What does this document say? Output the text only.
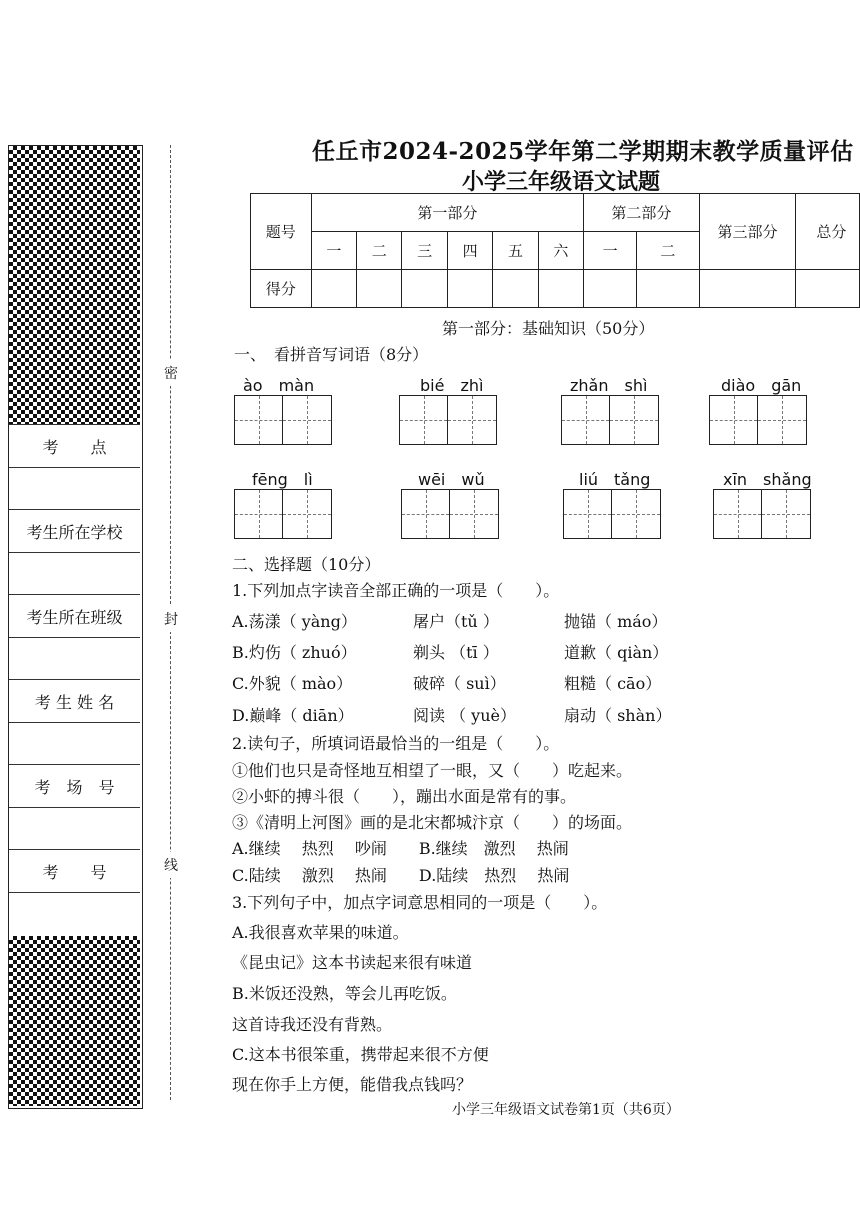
考　　点
考生所在学校
考生所在班级
考 生 姓 名
考　场　号
考　　号
密
封
线
任丘市2024-2025学年第二学期期末教学质量评估
小学三年级语文试题
题号	第一部分						第二部分		第三部分	总分
	一	二	三	四	五	六	一	二		
得分										
第一部分：基础知识（50分）
一、　看拼音写词语（8分）
ào　màn	bié　zhì	zhǎn　shì	diào　gān
fēng　lì	wēi　wǔ	liú　tǎng	xīn　shǎng
二、选择题（10分）
1.下列加点字读音全部正确的一项是（　　）。
A.荡漾（ yàng）	屠户（tǔ ）	抛锚（ máo）
B.灼伤（ zhuó）	剃头 （tī ）	道歉（ qiàn）
C.外貌（ mào）	破碎（ suì）	粗糙（ cāo）
D.巅峰（ diān）	阅读 （ yuè）	扇动（ shàn）
2.读句子，所填词语最恰当的一组是（　　）。
①他们也只是奇怪地互相望了一眼，又（　　）吃起来。
②小虾的搏斗很（　　），蹦出水面是常有的事。
③《清明上河图》画的是北宋都城汴京（　　）的场面。
A.继续　 热烈　 吵闹　　B.继续　激烈　 热闹
C.陆续　 激烈　 热闹　　D.陆续　热烈　 热闹
3.下列句子中，加点字词意思相同的一项是（　　）。
A.我很喜欢苹果的味道。
《昆虫记》这本书读起来很有味道
B.米饭还没熟，等会儿再吃饭。
这首诗我还没有背熟。
C.这本书很笨重，携带起来很不方便
现在你手上方便，能借我点钱吗？
小学三年级语文试卷第1页（共6页）
